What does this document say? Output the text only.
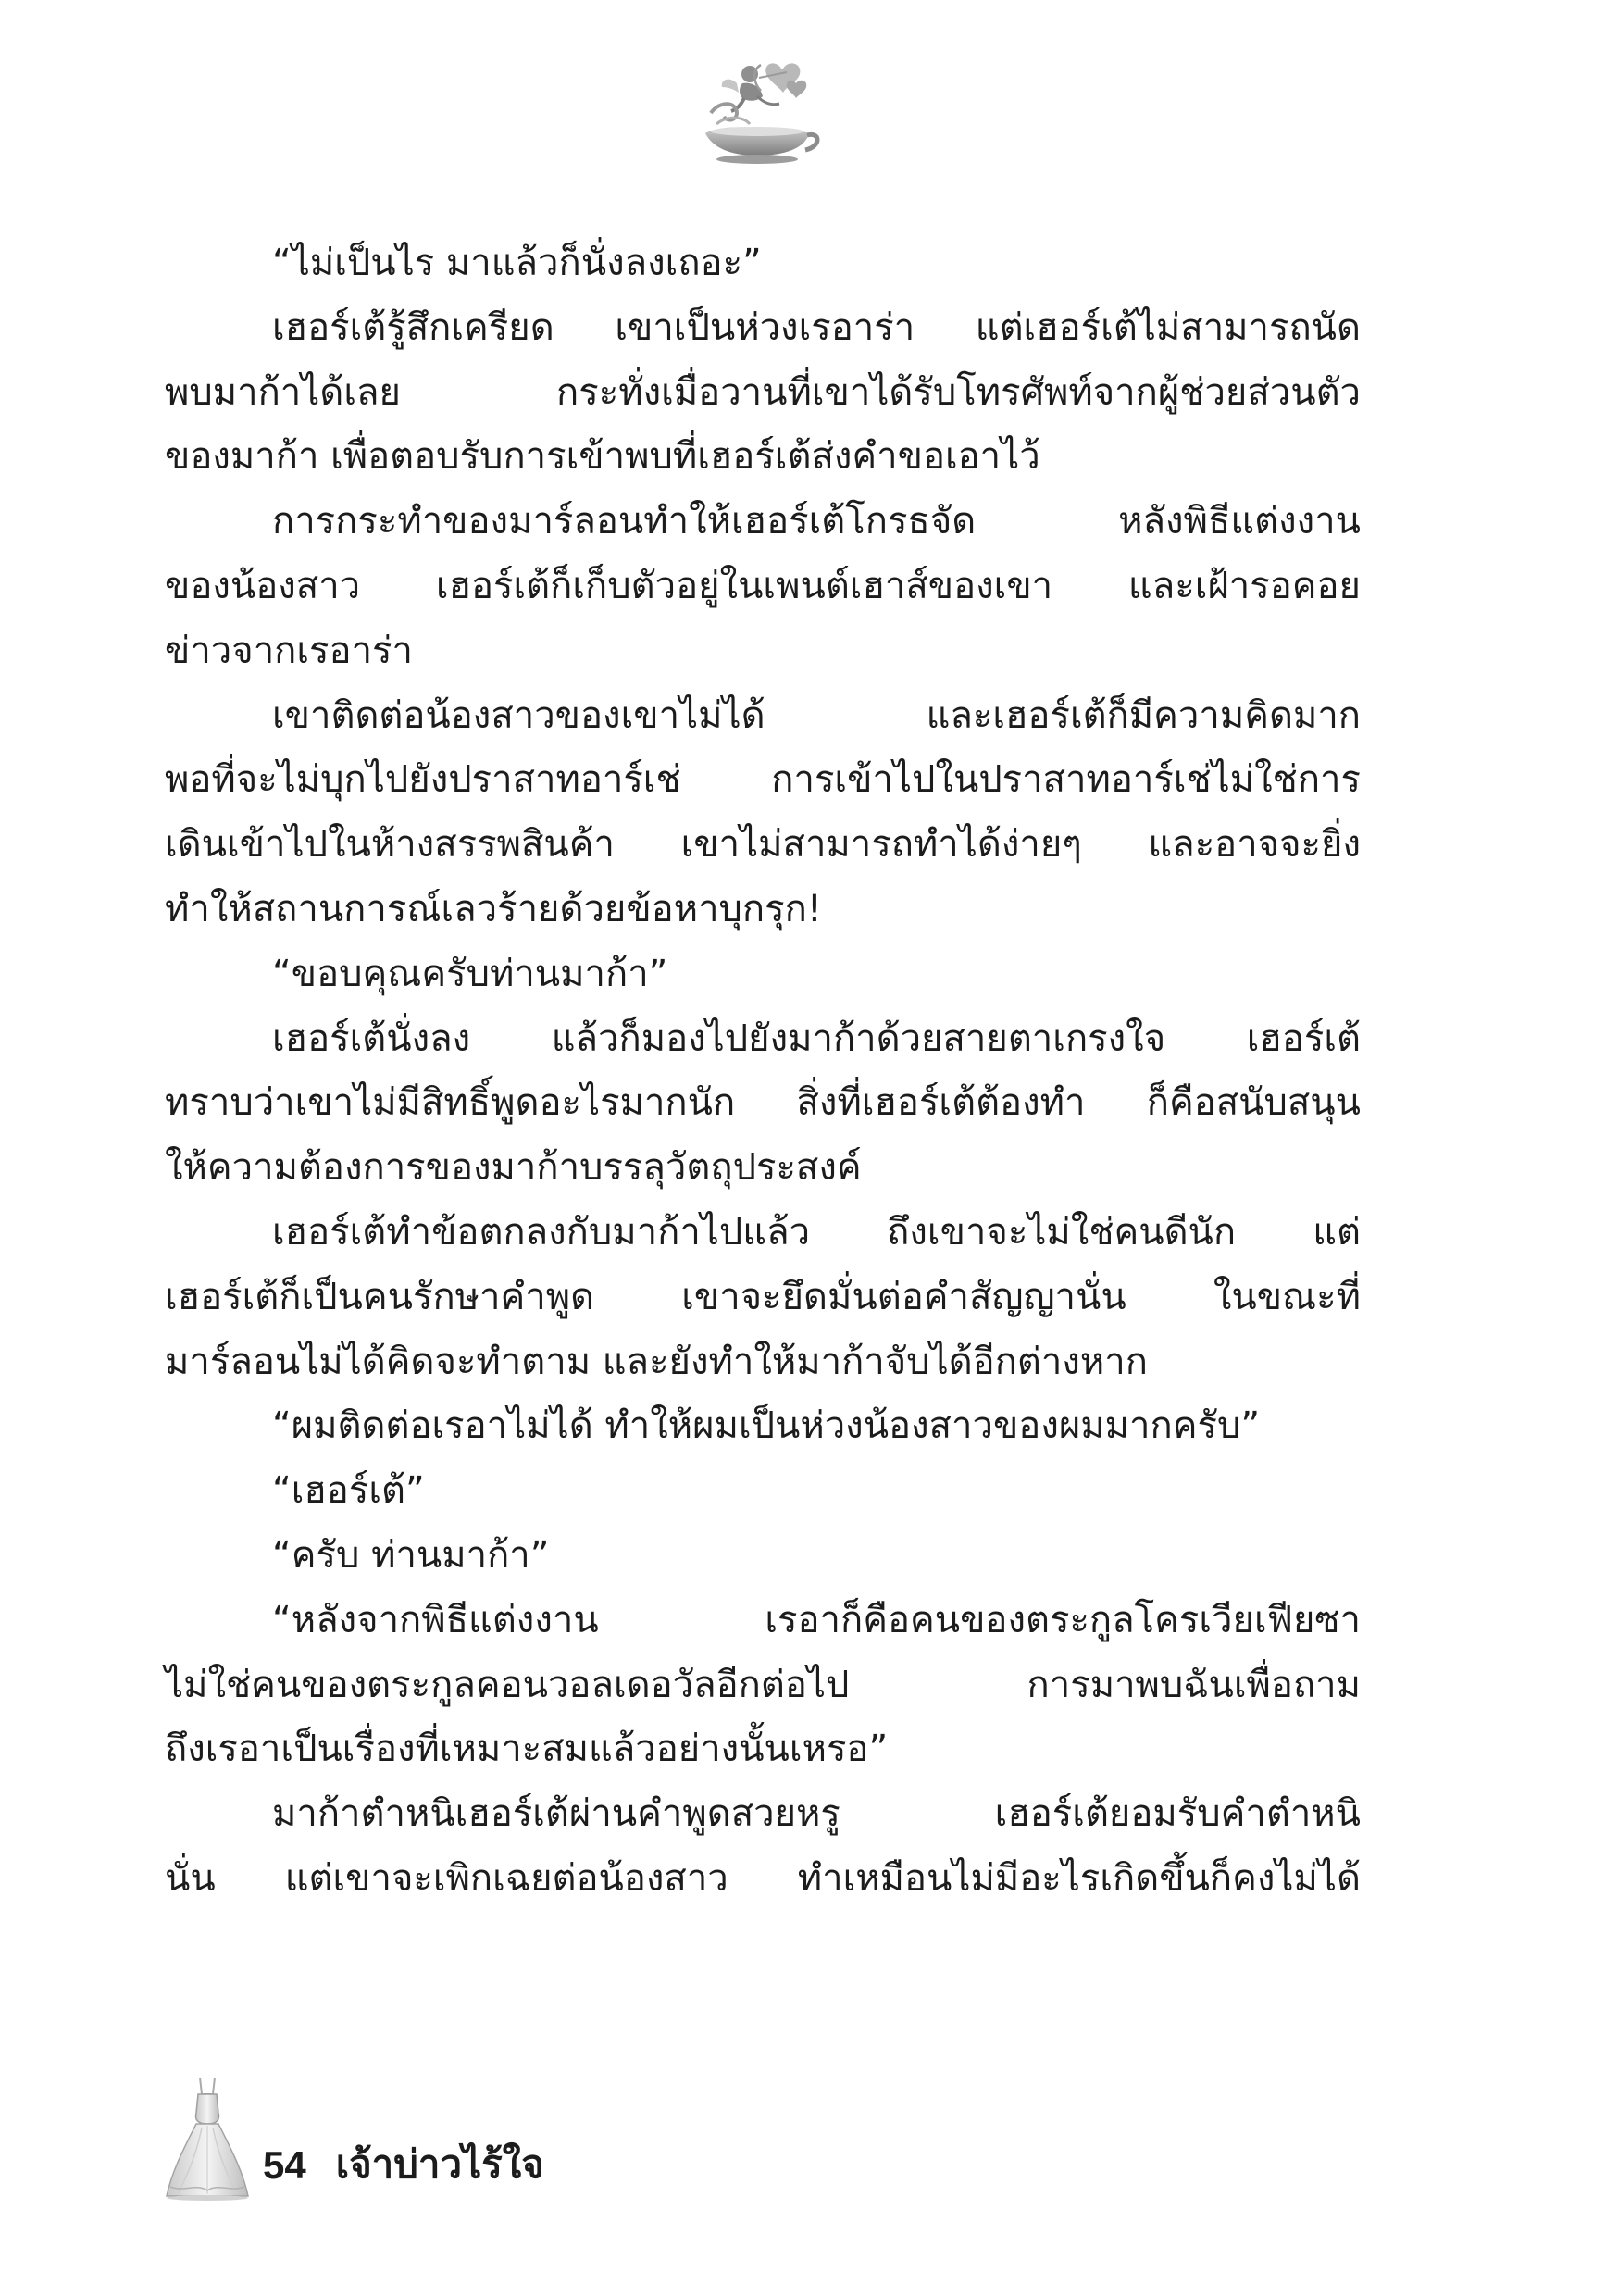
“ไม่เป็นไร มาแล้วก็นั่งลงเถอะ”
เฮอร์เต้รู้สึกเครียด เขาเป็นห่วงเรอาร่า แต่เฮอร์เต้ไม่สามารถนัด
พบมาก้าได้เลย กระทั่งเมื่อวานที่เขาได้รับโทรศัพท์จากผู้ช่วยส่วนตัว
ของมาก้า เพื่อตอบรับการเข้าพบที่เฮอร์เต้ส่งคำขอเอาไว้
การกระทำของมาร์ลอนทำให้เฮอร์เต้โกรธจัด หลังพิธีแต่งงาน
ของน้องสาว เฮอร์เต้ก็เก็บตัวอยู่ในเพนต์เฮาส์ของเขา และเฝ้ารอคอย
ข่าวจากเรอาร่า
เขาติดต่อน้องสาวของเขาไม่ได้ และเฮอร์เต้ก็มีความคิดมาก
พอที่จะไม่บุกไปยังปราสาทอาร์เช่ การเข้าไปในปราสาทอาร์เช่ไม่ใช่การ
เดินเข้าไปในห้างสรรพสินค้า เขาไม่สามารถทำได้ง่ายๆ และอาจจะยิ่ง
ทำให้สถานการณ์เลวร้ายด้วยข้อหาบุกรุก!
“ขอบคุณครับท่านมาก้า”
เฮอร์เต้นั่งลง แล้วก็มองไปยังมาก้าด้วยสายตาเกรงใจ เฮอร์เต้
ทราบว่าเขาไม่มีสิทธิ์พูดอะไรมากนัก สิ่งที่เฮอร์เต้ต้องทำ ก็คือสนับสนุน
ให้ความต้องการของมาก้าบรรลุวัตถุประสงค์
เฮอร์เต้ทำข้อตกลงกับมาก้าไปแล้ว ถึงเขาจะไม่ใช่คนดีนัก แต่
เฮอร์เต้ก็เป็นคนรักษาคำพูด เขาจะยึดมั่นต่อคำสัญญานั่น ในขณะที่
มาร์ลอนไม่ได้คิดจะทำตาม และยังทำให้มาก้าจับได้อีกต่างหาก
“ผมติดต่อเรอาไม่ได้ ทำให้ผมเป็นห่วงน้องสาวของผมมากครับ”
“เฮอร์เต้”
“ครับ ท่านมาก้า”
“หลังจากพิธีแต่งงาน เรอาก็คือคนของตระกูลโครเวียเฟียซา
ไม่ใช่คนของตระกูลคอนวอลเดอวัลอีกต่อไป การมาพบฉันเพื่อถาม
ถึงเรอาเป็นเรื่องที่เหมาะสมแล้วอย่างนั้นเหรอ”
มาก้าตำหนิเฮอร์เต้ผ่านคำพูดสวยหรู เฮอร์เต้ยอมรับคำตำหนิ
นั่น แต่เขาจะเพิกเฉยต่อน้องสาว ทำเหมือนไม่มีอะไรเกิดขึ้นก็คงไม่ได้
54 เจ้าบ่าวไร้ใจ
